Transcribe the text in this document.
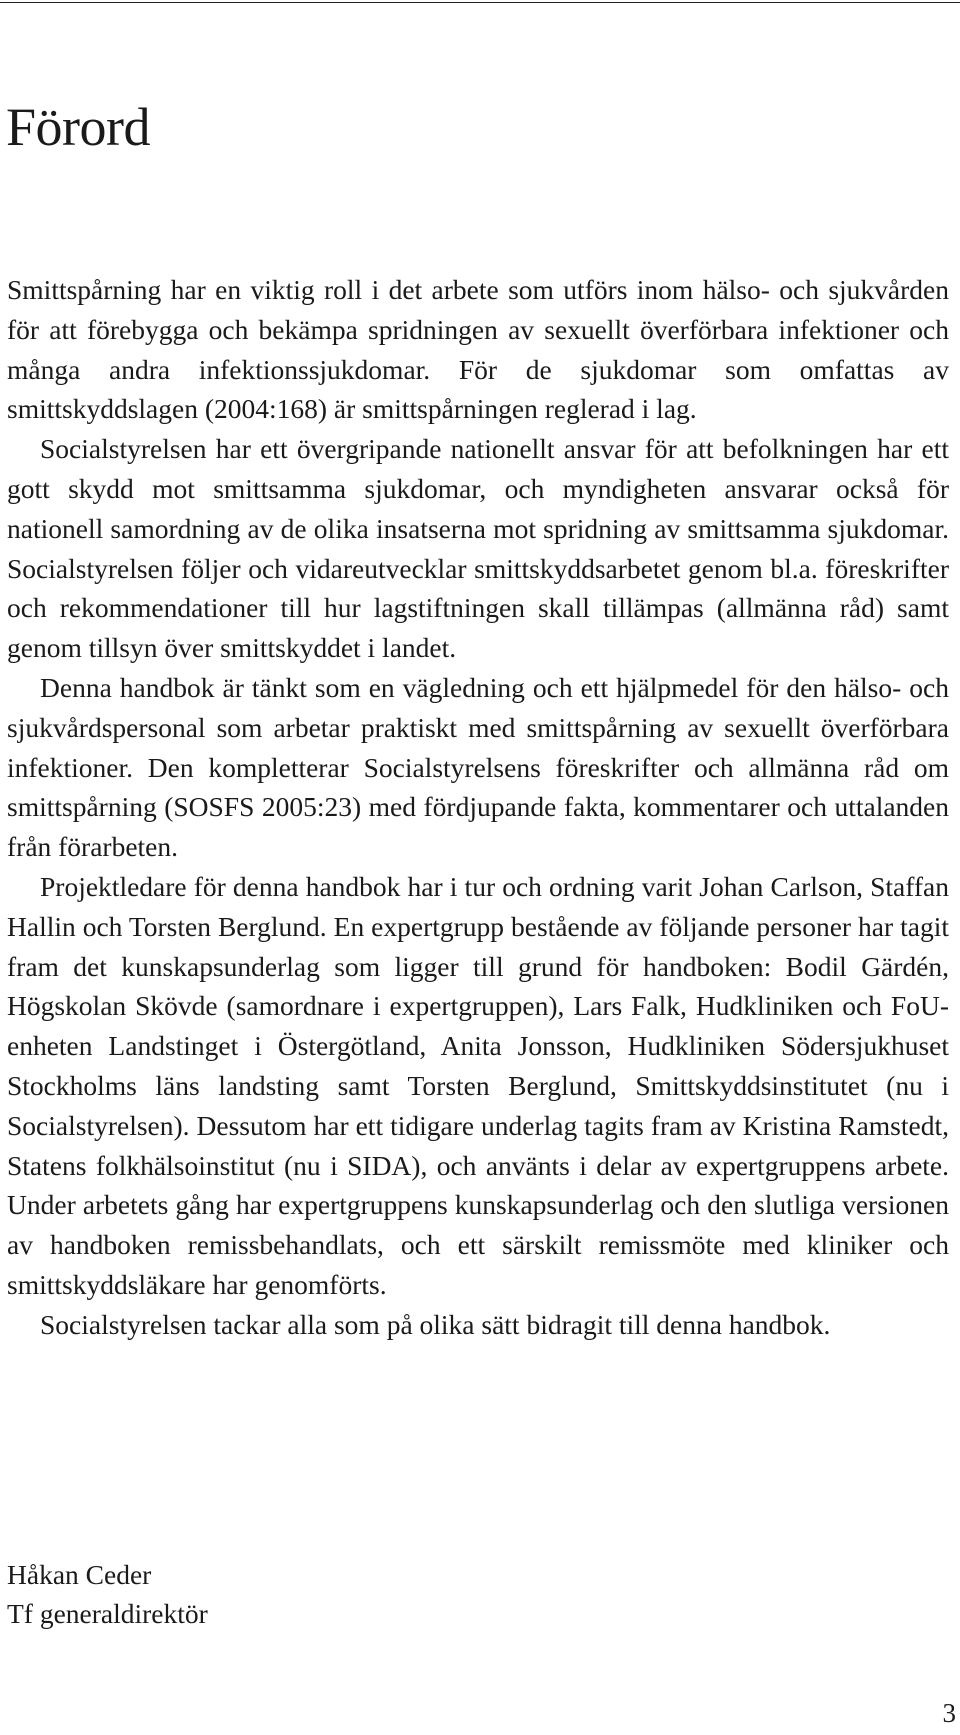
Förord

Smittspårning har en viktig roll i det arbete som utförs inom hälso- och sjukvården för att förebygga och bekämpa spridningen av sexuellt överförbara infektioner och många andra infektionssjukdomar. För de sjukdomar som omfattas av smittskyddslagen (2004:168) är smittspårningen reglerad i lag.

Socialstyrelsen har ett övergripande nationellt ansvar för att befolkningen har ett gott skydd mot smittsamma sjukdomar, och myndigheten ansvarar också för nationell samordning av de olika insatserna mot spridning av smittsamma sjukdomar. Socialstyrelsen följer och vidareutvecklar smittskyddsarbetet genom bl.a. föreskrifter och rekommendationer till hur lagstiftningen skall tillämpas (allmänna råd) samt genom tillsyn över smittskyddet i landet.

Denna handbok är tänkt som en vägledning och ett hjälpmedel för den hälso- och sjukvårdspersonal som arbetar praktiskt med smittspårning av sexuellt överförbara infektioner. Den kompletterar Socialstyrelsens föreskrifter och allmänna råd om smittspårning (SOSFS 2005:23) med fördjupande fakta, kommentarer och uttalanden från förarbeten.

Projektledare för denna handbok har i tur och ordning varit Johan Carlson, Staffan Hallin och Torsten Berglund. En expertgrupp bestående av följande personer har tagit fram det kunskapsunderlag som ligger till grund för handboken: Bodil Gärdén, Högskolan Skövde (samordnare i expertgruppen), Lars Falk, Hudkliniken och FoU-enheten Landstinget i Östergötland, Anita Jonsson, Hudkliniken Södersjukhuset Stockholms läns landsting samt Torsten Berglund, Smittskyddsinstitutet (nu i Socialstyrelsen). Dessutom har ett tidigare underlag tagits fram av Kristina Ramstedt, Statens folkhälsoinstitut (nu i SIDA), och använts i delar av expertgruppens arbete. Under arbetets gång har expertgruppens kunskapsunderlag och den slutliga versionen av handboken remissbehandlats, och ett särskilt remissmöte med kliniker och smittskyddsläkare har genomförts.

Socialstyrelsen tackar alla som på olika sätt bidragit till denna handbok.

Håkan Ceder
Tf generaldirektör
3
